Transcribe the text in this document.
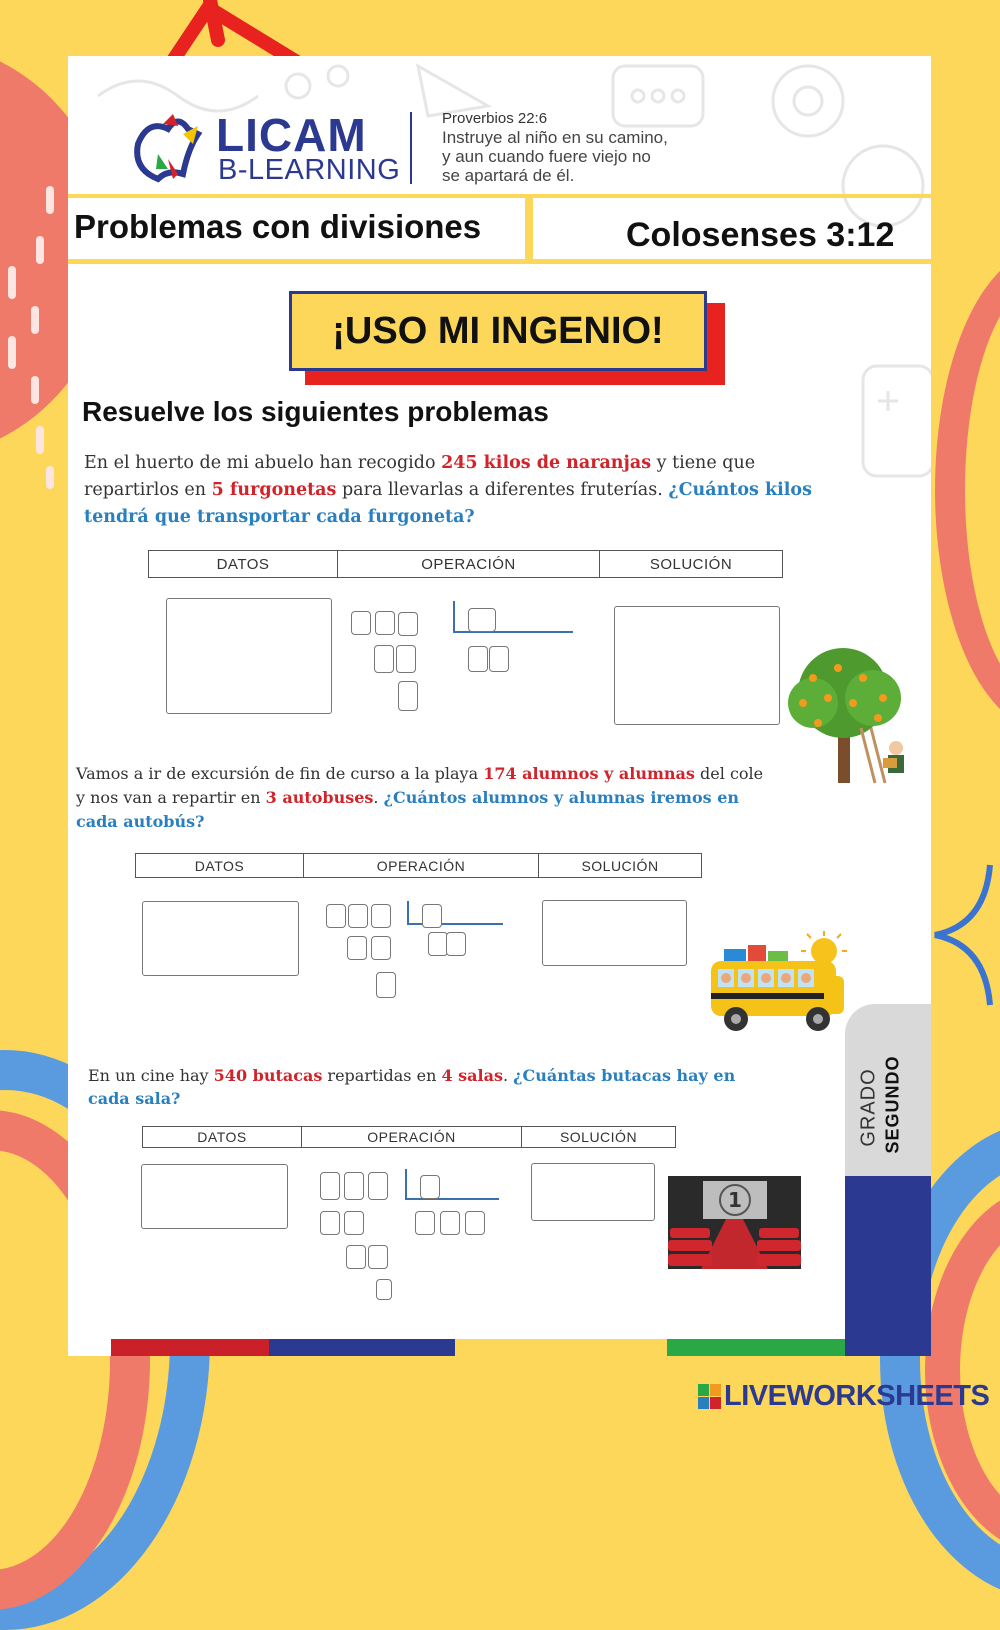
LICAM
B-LEARNING
Proverbios 22:6
Instruye al niño en su camino,
y aun cuando fuere viejo no
se apartará de él.
Problemas con divisiones	Colosenses 3:12
¡USO MI INGENIO!
Resuelve los siguientes problemas
En el huerto de mi abuelo han recogido 245 kilos de naranjas y tiene que repartirlos en 5 furgonetas para llevarlas a diferentes fruterías. ¿Cuántos kilos tendrá que transportar cada furgoneta?
DATOS	OPERACIÓN	SOLUCIÓN
Vamos a ir de excursión de fin de curso a la playa 174 alumnos y alumnas del cole y nos van a repartir en 3 autobuses. ¿Cuántos alumnos y alumnas iremos en cada autobús?
DATOS	OPERACIÓN	SOLUCIÓN
En un cine hay 540 butacas repartidas en 4 salas. ¿Cuántas butacas hay en cada sala?
DATOS	OPERACIÓN	SOLUCIÓN
1
GRADO SEGUNDO
LIVEWORKSHEETS
